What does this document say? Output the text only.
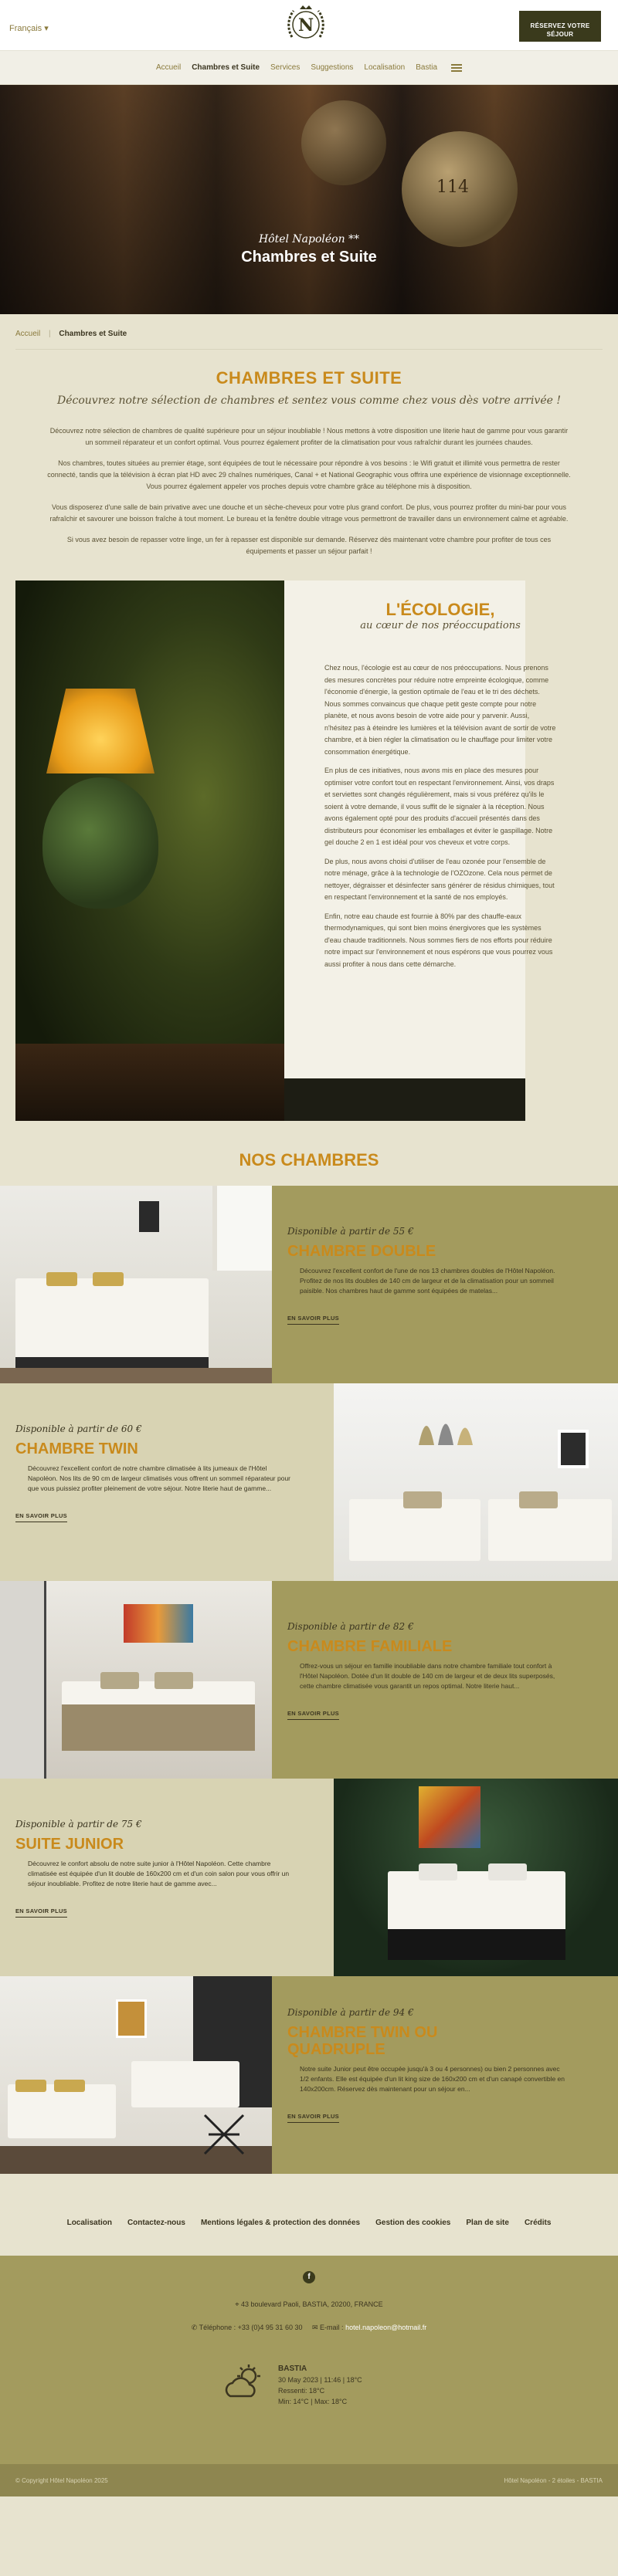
Français ▾	N	RÉSERVEZ VOTRE SÉJOUR
Accueil Chambres et Suite Services Suggestions Localisation Bastia
114
Hôtel Napoléon **
Chambres et Suite
Accueil | Chambres et Suite
CHAMBRES ET SUITE
Découvrez notre sélection de chambres et sentez vous comme chez vous dès votre arrivée !

Découvrez notre sélection de chambres de qualité supérieure pour un séjour inoubliable ! Nous mettons à votre disposition une literie haut de gamme pour vous garantir un sommeil réparateur et un confort optimal. Vous pourrez également profiter de la climatisation pour vous rafraîchir durant les journées chaudes.

Nos chambres, toutes situées au premier étage, sont équipées de tout le nécessaire pour répondre à vos besoins : le Wifi gratuit et illimité vous permettra de rester connecté, tandis que la télévision à écran plat HD avec 29 chaînes numériques, Canal + et National Geographic vous offrira une expérience de visionnage exceptionnelle. Vous pourrez également appeler vos proches depuis votre chambre grâce au téléphone mis à disposition.

Vous disposerez d'une salle de bain privative avec une douche et un sèche-cheveux pour votre plus grand confort. De plus, vous pourrez profiter du mini-bar pour vous rafraîchir et savourer une boisson fraîche à tout moment. Le bureau et la fenêtre double vitrage vous permettront de travailler dans un environnement calme et agréable.

Si vous avez besoin de repasser votre linge, un fer à repasser est disponible sur demande. Réservez dès maintenant votre chambre pour profiter de tous ces équipements et passer un séjour parfait !

L'ÉCOLOGIE,
au cœur de nos préoccupations

Chez nous, l'écologie est au cœur de nos préoccupations. Nous prenons des mesures concrètes pour réduire notre empreinte écologique, comme l'économie d'énergie, la gestion optimale de l'eau et le tri des déchets. Nous sommes convaincus que chaque petit geste compte pour notre planète, et nous avons besoin de votre aide pour y parvenir. Aussi, n'hésitez pas à éteindre les lumières et la télévision avant de sortir de votre chambre, et à bien régler la climatisation ou le chauffage pour limiter votre consommation énergétique.

En plus de ces initiatives, nous avons mis en place des mesures pour optimiser votre confort tout en respectant l'environnement. Ainsi, vos draps et serviettes sont changés régulièrement, mais si vous préférez qu'ils le soient à votre demande, il vous suffit de le signaler à la réception. Nous avons également opté pour des produits d'accueil présentés dans des distributeurs pour économiser les emballages et éviter le gaspillage. Notre gel douche 2 en 1 est idéal pour vos cheveux et votre corps.

De plus, nous avons choisi d'utiliser de l'eau ozonée pour l'ensemble de notre ménage, grâce à la technologie de l'OZOzone. Cela nous permet de nettoyer, dégraisser et désinfecter sans générer de résidus chimiques, tout en respectant l'environnement et la santé de nos employés.

Enfin, notre eau chaude est fournie à 80% par des chauffe-eaux thermodynamiques, qui sont bien moins énergivores que les systèmes d'eau chaude traditionnels. Nous sommes fiers de nos efforts pour réduire notre impact sur l'environnement et nous espérons que vous pourrez vous aussi profiter à nous dans cette démarche.

NOS CHAMBRES
Disponible à partir de 55 €
CHAMBRE DOUBLE
Découvrez l'excellent confort de l'une de nos 13 chambres doubles de l'Hôtel Napoléon. Profitez de nos lits doubles de 140 cm de largeur et de la climatisation pour un sommeil paisible. Nos chambres haut de gamme sont équipées de matelas...
EN SAVOIR PLUS
Disponible à partir de 60 €
CHAMBRE TWIN
Découvrez l'excellent confort de notre chambre climatisée à lits jumeaux de l'Hôtel Napoléon. Nos lits de 90 cm de largeur climatisés vous offrent un sommeil réparateur pour que vous puissiez profiter pleinement de votre séjour. Notre literie haut de gamme...
EN SAVOIR PLUS
Disponible à partir de 82 €
CHAMBRE FAMILIALE
Offrez-vous un séjour en famille inoubliable dans notre chambre familiale tout confort à l'Hôtel Napoléon. Dotée d'un lit double de 140 cm de largeur et de deux lits superposés, cette chambre climatisée vous garantit un repos optimal. Notre literie haut...
EN SAVOIR PLUS
Disponible à partir de 75 €
SUITE JUNIOR
Découvrez le confort absolu de notre suite junior à l'Hôtel Napoléon. Cette chambre climatisée est équipée d'un lit double de 160x200 cm et d'un coin salon pour vous offrir un séjour inoubliable. Profitez de notre literie haut de gamme avec...
EN SAVOIR PLUS
Disponible à partir de 94 €
CHAMBRE TWIN OU QUADRUPLE
Notre suite Junior peut être occupée jusqu'à 3 ou 4 personnes) ou bien 2 personnes avec 1/2 enfants. Elle est équipée d'un lit king size de 160x200 cm et d'un canapé convertible en 140x200cm. Réservez dès maintenant pour un séjour en...
EN SAVOIR PLUS
Localisation Contactez-nous Mentions légales & protection des données Gestion des cookies Plan de site Crédits
f
⌖ 43 boulevard Paoli, BASTIA, 20200, FRANCE
✆ Téléphone : +33 (0)4 95 31 60 30 ✉ E-mail : hotel.napoleon@hotmail.fr
BASTIA
30 May 2023 | 11:46 | 18°C
Ressenti: 18°C
Min: 14°C | Max: 18°C
© Copyright Hôtel Napoléon 2025	Hôtel Napoléon - 2 étoiles - BASTIA
